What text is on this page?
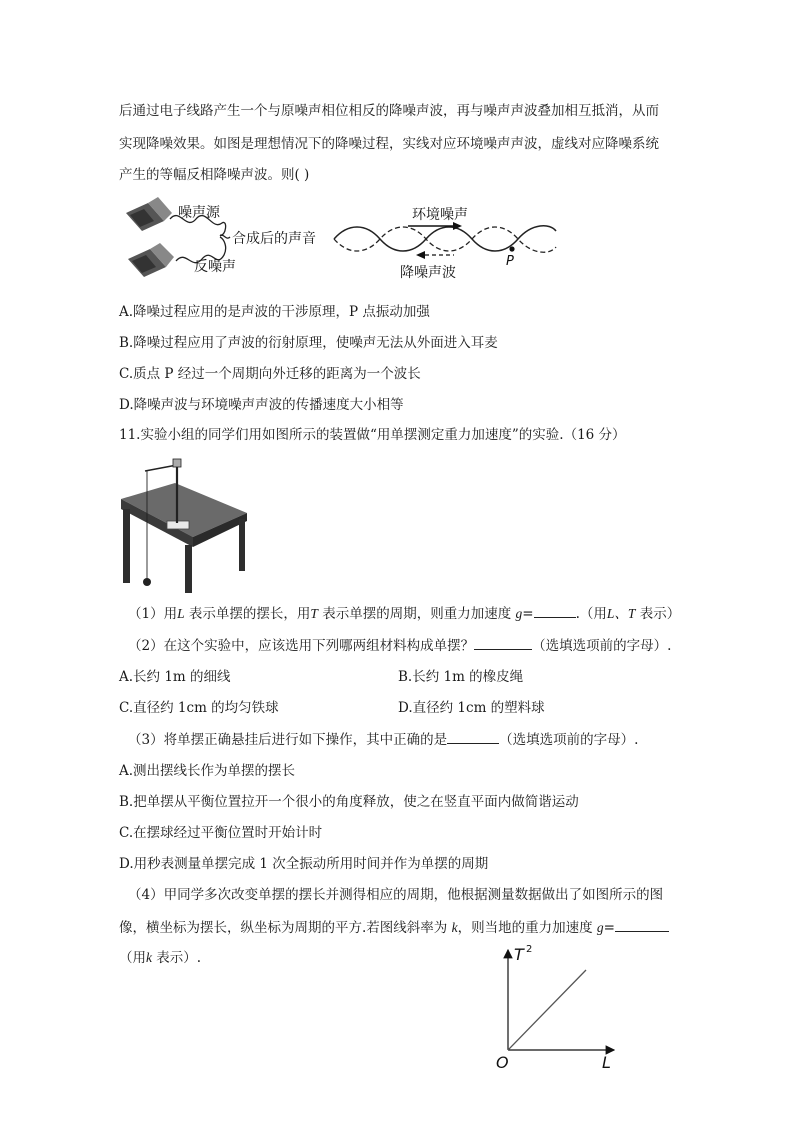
后通过电子线路产生一个与原噪声相位相反的降噪声波，再与噪声声波叠加相互抵消，从而
实现降噪效果。如图是理想情况下的降噪过程，实线对应环境噪声声波，虚线对应降噪系统
产生的等幅反相降噪声波。则( )
噪声源
合成后的声音
反噪声
环境噪声
降噪声波
P
A.降噪过程应用的是声波的干涉原理，P 点振动加强
B.降噪过程应用了声波的衍射原理，使噪声无法从外面进入耳麦
C.质点 P 经过一个周期向外迁移的距离为一个波长
D.降噪声波与环境噪声声波的传播速度大小相等
11.实验小组的同学们用如图所示的装置做“用单摆测定重力加速度”的实验.（16 分）
（1）用L 表示单摆的摆长，用T 表示单摆的周期，则重力加速度 g=	.（用L、T 表示）
（2）在这个实验中，应该选用下列哪两组材料构成单摆？	（选填选项前的字母）.
A.长约 1m 的细线	B.长约 1m 的橡皮绳
C.直径约 1cm 的均匀铁球	D.直径约 1cm 的塑料球
（3）将单摆正确悬挂后进行如下操作，其中正确的是	（选填选项前的字母）.
A.测出摆线长作为单摆的摆长
B.把单摆从平衡位置拉开一个很小的角度释放，使之在竖直平面内做简谐运动
C.在摆球经过平衡位置时开始计时
D.用秒表测量单摆完成 1 次全振动所用时间并作为单摆的周期
（4）甲同学多次改变单摆的摆长并测得相应的周期，他根据测量数据做出了如图所示的图
像，横坐标为摆长，纵坐标为周期的平方.若图线斜率为 k，则当地的重力加速度 g=
（用k 表示）.	T 2
L
O
